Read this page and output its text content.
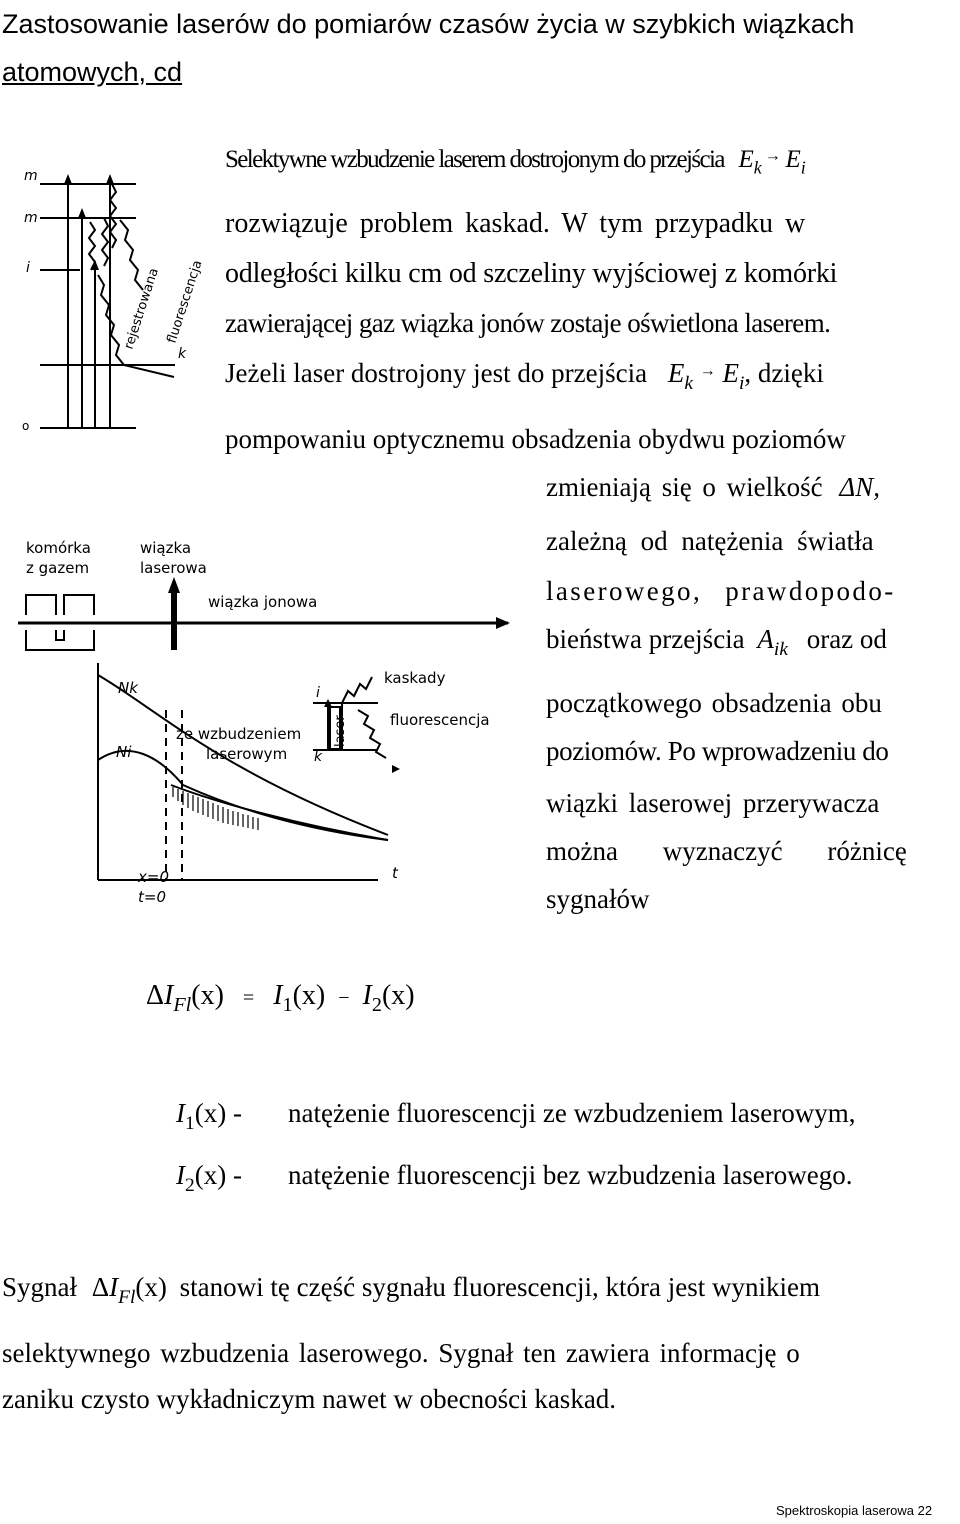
Zastosowanie laserów do pomiarów czasów życia w szybkich wiązkach
atomowych, cd
m
m
i
k
o
rejestrowana fluorescencja
komórka
z gazem
wiązka
laserowa
wiązka jonowa
Nk
Ni
ze wzbudzeniem
laserowym
i
k
laser
kaskady
fluorescencja
x=0
t=0
t
Selektywne wzbudzenie laserem dostrojonym do przejścia $E_k$ → $E_i$
rozwiązuje problem kaskad. W tym przypadku w
odległości kilku cm od szczeliny wyjściowej z komórki
zawierającej gaz wiązka jonów zostaje oświetlona laserem.
Jeżeli laser dostrojony jest do przejścia $E_k$ → $E_i$, dzięki
pompowaniu optycznemu obsadzenia obydwu poziomów
zmieniają się o wielkość ΔN,
zależną od natężenia światła
laserowego, prawdopodo-
bieństwa przejścia $A_{ik}$ oraz od
początkowego obsadzenia obu
poziomów. Po wprowadzeniu do
wiązki laserowej przerywacza
można wyznaczyć różnicę
sygnałów
$\Delta I_{Fl}(x) = I_1(x) - I_2(x)$
$I_1(x)$ - natężenie fluorescencji ze wzbudzeniem laserowym,
$I_2(x)$ - natężenie fluorescencji bez wzbudzenia laserowego.
Sygnał $\Delta I_{Fl}(x)$ stanowi tę część sygnału fluorescencji, która jest wynikiem
selektywnego wzbudzenia laserowego. Sygnał ten zawiera informację o
zaniku czysto wykładniczym nawet w obecności kaskad.
Spektroskopia laserowa 22
